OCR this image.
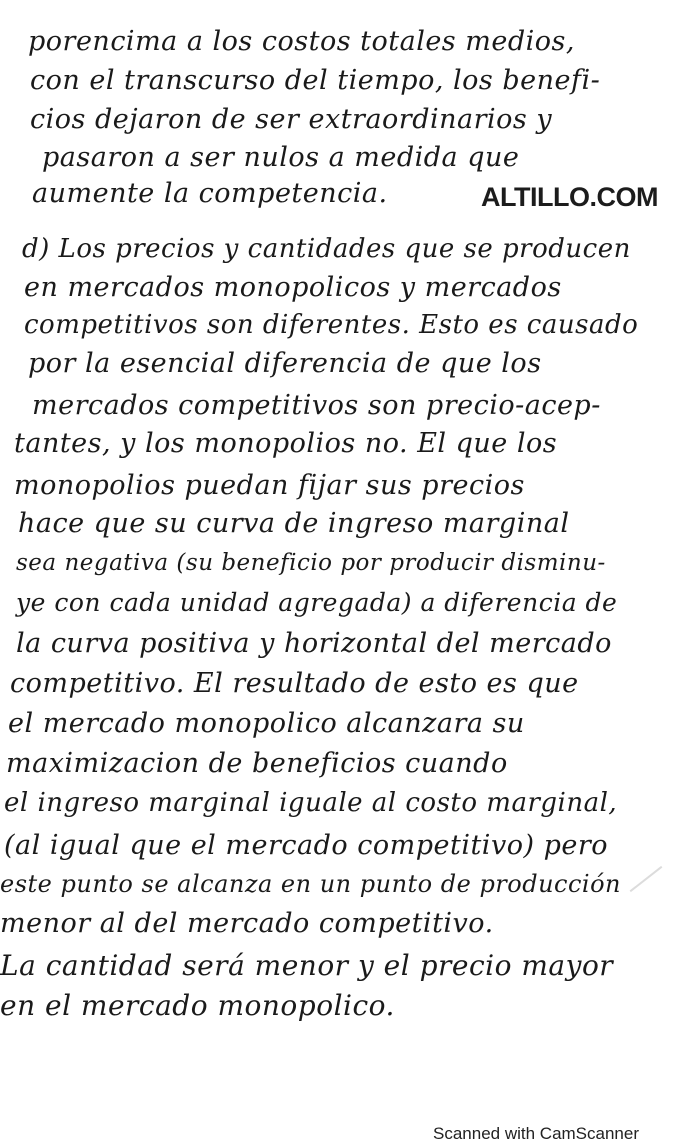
porencima a los costos totales medios,
con el transcurso del tiempo, los benefi-
cios dejaron de ser extraordinarios y
pasaron a ser nulos a medida que
aumente la competencia.	ALTILLO.COM
d) Los precios y cantidades que se producen
en mercados monopolicos y mercados
competitivos son diferentes. Esto es causado
por la esencial diferencia de que los
mercados competitivos son precio-acep-
tantes, y los monopolios no. El que los
monopolios puedan fijar sus precios
hace que su curva de ingreso marginal
sea negativa (su beneficio por producir disminu-
ye con cada unidad agregada) a diferencia de
la curva positiva y horizontal del mercado
competitivo. El resultado de esto es que
el mercado monopolico alcanzara su
maximizacion de beneficios cuando
el ingreso marginal iguale al costo marginal,
(al igual que el mercado competitivo) pero
este punto se alcanza en un punto de producción
menor al del mercado competitivo.
La cantidad será menor y el precio mayor
en el mercado monopolico.
Scanned with CamScanner
